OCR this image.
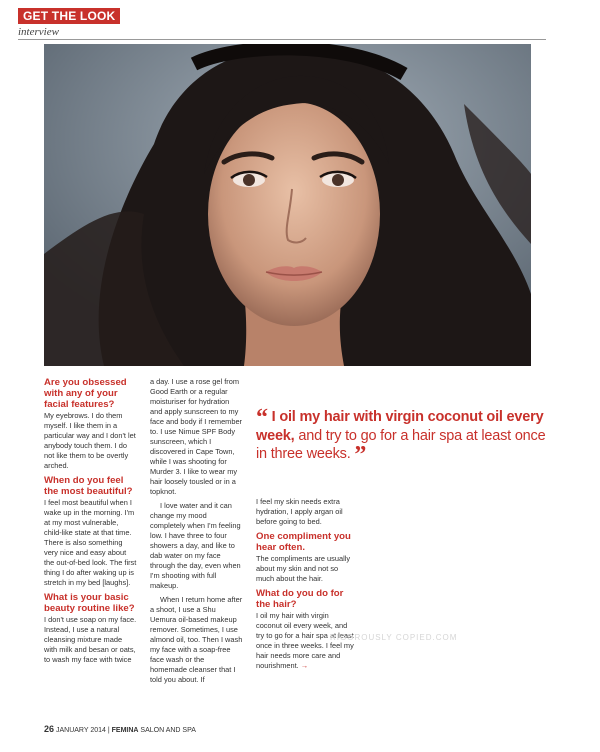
GET THE LOOK
interview
Are you obsessed with any of your facial features?

My eyebrows. I do them myself. I like them in a particular way and I don't let anybody touch them. I do not like them to be overtly arched.

When do you feel the most beautiful?

I feel most beautiful when I wake up in the morning. I'm at my most vulnerable, child-like state at that time. There is also something very nice and easy about the out-of-bed look. The first thing I do after waking up is stretch in my bed [laughs].

What is your basic beauty routine like?

I don't use soap on my face. Instead, I use a natural cleansing mixture made with milk and besan or oats, to wash my face with twice

a day. I use a rose gel from Good Earth or a regular moisturiser for hydration and apply sunscreen to my face and body if I remember to. I use Nimue SPF Body sunscreen, which I discovered in Cape Town, while I was shooting for Murder 3. I like to wear my hair loosely tousled or in a topknot.

I love water and it can change my mood completely when I'm feeling low. I have three to four showers a day, and like to dab water on my face through the day, even when I'm shooting with full makeup.

When I return home after a shoot, I use a Shu Uemura oil-based makeup remover. Sometimes, I use almond oil, too. Then I wash my face with a soap-free face wash or the homemade cleanser that I told you about. If

“ I oil my hair with virgin coconut oil every week, and try to go for a hair spa at least once in three weeks. ”

I feel my skin needs extra hydration, I apply argan oil before going to bed.

One compliment you hear often.

The compliments are usually about my skin and not so much about the hair.

What do you do for the hair?

I oil my hair with virgin coconut oil every week, and try to go for a hair spa at least once in three weeks. I feel my hair needs more care and nourishment. →

RIGOROUSLY COPIED.COM
26 JANUARY 2014 | FEMINA SALON AND SPA
